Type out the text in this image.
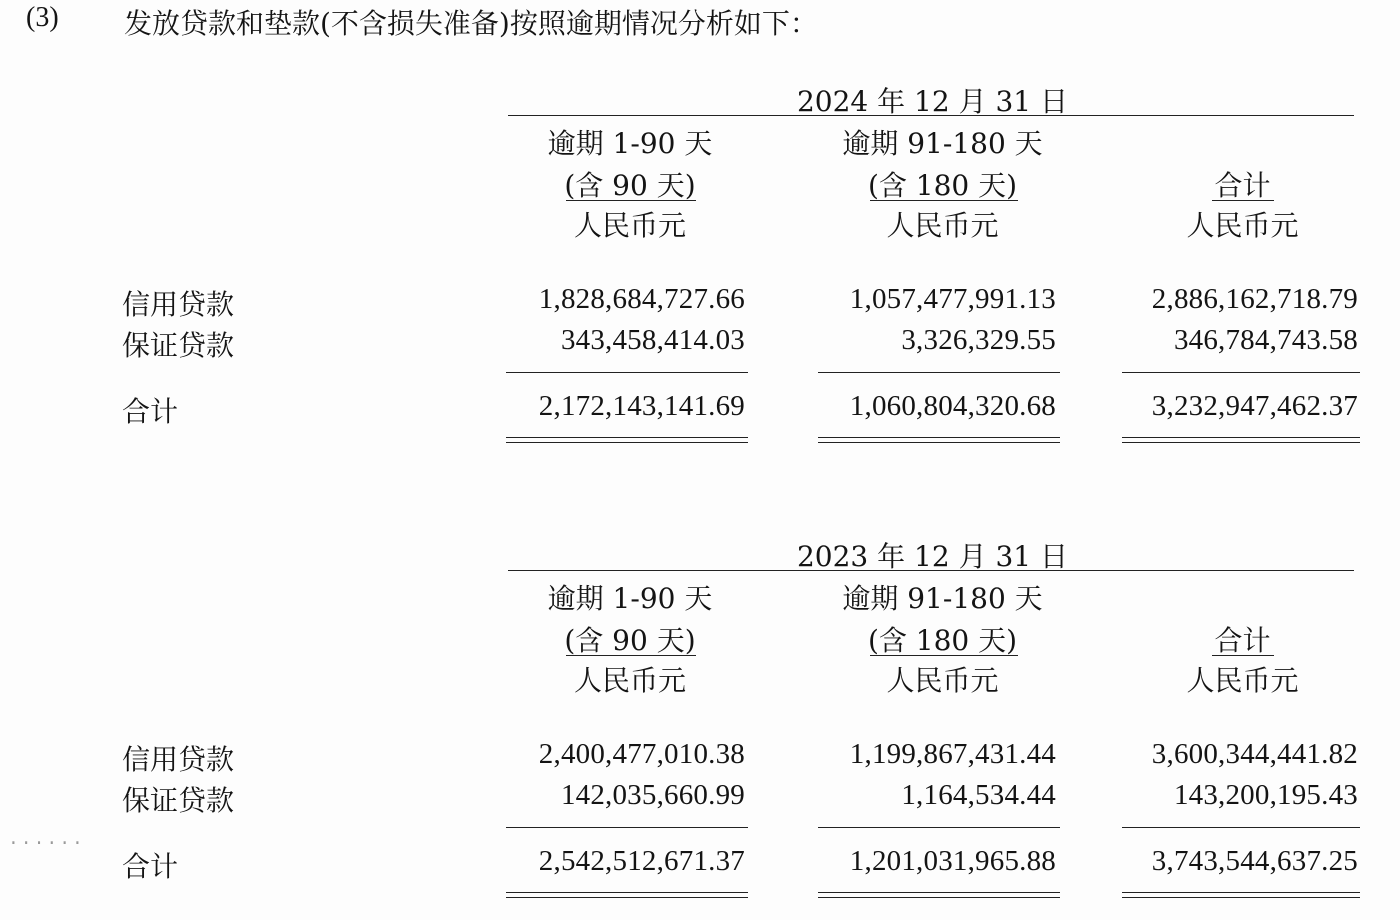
(3) 发放贷款和垫款(不含损失准备)按照逾期情况分析如下：
2024 年 12 月 31 日
逾期 1-90 天
(含 90 天)
人民币元
逾期 91-180 天
(含 180 天)
人民币元
合计
人民币元
信用贷款	1,828,684,727.66	1,057,477,991.13	2,886,162,718.79
保证贷款	343,458,414.03	3,326,329.55	346,784,743.58
合计	2,172,143,141.69	1,060,804,320.68	3,232,947,462.37
2023 年 12 月 31 日
逾期 1-90 天
(含 90 天)
人民币元
逾期 91-180 天
(含 180 天)
人民币元
合计
人民币元
......
信用贷款	2,400,477,010.38	1,199,867,431.44	3,600,344,441.82
保证贷款	142,035,660.99	1,164,534.44	143,200,195.43
合计	2,542,512,671.37	1,201,031,965.88	3,743,544,637.25
